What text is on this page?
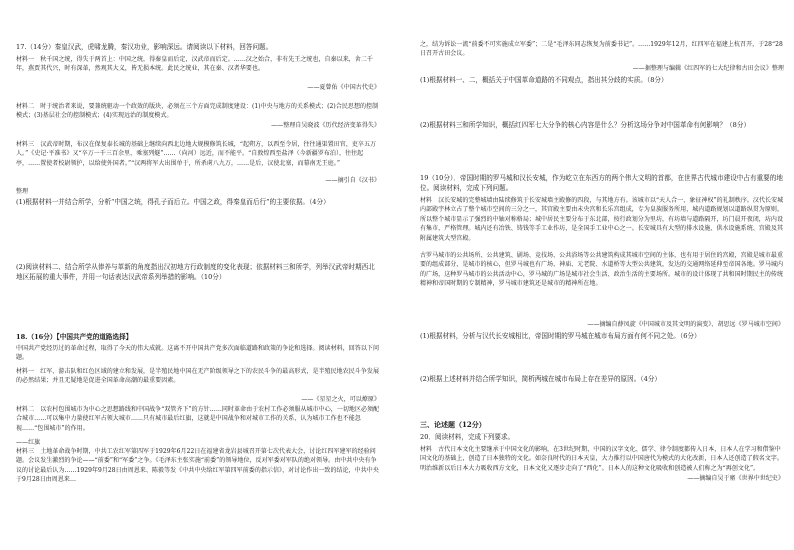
17.（14分）秦皇汉武，虎啸龙腾，秦汉功业，影响深远。请阅读以下材料，回答问题。

材料一　秋千国之统，得失于两首上：中国之统，得秦皇而后定，汉武帝而后定。……汉之始合，非有先王之统也，自秦以来，舍二千年，燕贾其代兴，时有深革，然观其大义，皆无损本统。此民之统业，其在秦、汉者华要也。

——夏曾佑《中国古代史》

材料二　时于统治者来说，要兼统驱动一个政效的版块，必须在三个方面完成制度建设：(1)中央与地方的关系模式；(2)合民思想的控制模式；(3)基层社会的控制模式；(4)实现远治的制度模式。

——整理自吴晓波《历代经济变革得失》

材料三　汉武帝时期，布汉在保复泰长城的基础上继续向西北边地大规模修筑长城，“起朔方，以西至令居，往往通渠置田官，吏卒五万人。”《史记·平准书》又“卒万一千三百余里，乘塞列燧”……（向河）远近，而不能平。“自敦煌西至盐泽（今新疆罗布泊），往往起亭，……置使者校尉领护，以给使外国者。”“汉两将军大出围单于，所杀虏八九万，……是后，汉使北塞，而幕南无王庭。”

——摘引自《汉书》

整理

(1)根据材料一并结合所学，分析“中国之统，得孔子而后立。中国之政，得秦皇而后行”的主要依据。（4分）

(2)阅读材料二、结合所学从俸养与革新的角度指出汉初地方行政制度的变化表现；依据材料三和所学，列举汉武帝时期西北地区拓展的重大事件，并用一句话表达汉武帝系列举措的影响。（10分）

18.（16分）【中国共产党的道路选择】

中国共产党经历过的革命过程，取得了今天的伟大成就。这离不开中国共产党多次面临道路和政策的争论和选择。阅读材料，回答以下问题。

材料一　红军、游击队和红色区域的建立和发展，是半殖民地中国在无产阶级领导之下的农民斗争的最高形式，是半殖民地农民斗争发展的必然结果；并且无疑地是促进全国革命高潮的最重要因素。

——《星星之火，可以燎原》

材料二　以农村包围城市为中心之思想路线和中国战争“双管齐下”的方针……同时革命由于农村工作必须服从城市中心，一切地区必须配合城市……可以集中力量使红军占领大城市……只有城市最后红旗，这就是中国战争和对城市工作的关系，认为城市工作也不能忽视……“包围城市”的作用。

——红旗

材料三　土地革命战争时期，中共工农红军第四军于1929年6月22日在福建省龙岩县城召开第七次代表大会，讨论红四军建军的经验问题。会议发生激烈的争论——“前委”和“军委”之争。《毛泽东主张实施“前委”的领导地位，反对军委对军队的绝对领导。由中共中央有争议的讨论最后认为……1929年9月28日由周恩来、陈毅等发《中共中央给红军第四军前委的指示信》，对讨论作出一致的结论，中共中央于9月28日由周恩来…

之，结为诉讼一流“前委不可实施成立军委”；二是“毛泽东同志恢复为前委书记”。……1929年12月，红四军在福建上杭召开，于28“28日召开古田会议。

——据整理与编辑《红四军的七大纪律和古田会议》整理

(1)根据材料一、二，概括关于中国革命道路的不同观点，指出其分歧的实质。（8分）

(2)根据材料三和所学知识，概括红四军七大分争的核心内容是什么？分析这场分争对中国革命有何影响？（8分）

19（10分）．帝国时期的罗马城和汉长安城，作为屹立在东西方的两个伟大文明的首都，在世界古代城市建设中占有重要的地位。阅读材料，完成下列问题。

材料　汉长安城的完整城墙由陆续修筑于长安城墙主殿修的四段，与其地方有。该城市以“天人合一、象征神权”的礼制秩序。汉代长安城内部殿宇林立占了整个城市空间的三分之一，其宫殿主要由未央宫和长乐宫组成，专为皇族服务所用，城内道路规划以道路纵贯为原则，所以整个城市显示了强烈的中轴对称格局；城中居民主要分布于东北部，按行政划分为里坊，有坊墙与道路隔开，坊门晨开夜闭，坊内设有集市，严格管理。城内还有冶铁、铸钱等手工业作坊，是全国手工业中心之一。长安城具有大型的排水设施、供水设施系统、宫殿及其附属建筑大型宫殿。

古罗马城市的公共场所、公共建筑、剧场、竞技场、公共浴场等公共建筑构成其城市空间的主体，也有用于居住的宫殿，宫殿是城市最重要的组成部分，是城市的核心，但罗马城也有广场、神庙、元老院、水道桥等大型公共建筑，发达的交通网络延伸至帝国各地。罗马城内的广场，这种罗马城市的公共活动中心，罗马城的广场是城市社会生活、政治生活的主要场所。城市的设计体现了共和国时期民主的传统精神和帝国时期的专制精神，罗马城市建筑还是城市的精神所在地。

——摘编自薛凤旋《中国城市及其文明的演变》、胡思远《罗马城市空间》

(1)根据材料，分析与汉代长安城相比，帝国时期的罗马城在城市布局方面有何不同之处。（6分）

(2)根据上述材料并结合所学知识，简析两城在城市布局上存在差异的原因。（4分）

三、论述题（12分）

20．阅读材料，完成下列要求。

材料　古代日本文化主要继承于中国文化的影响，在3世纪时期，中国的汉字文化、儒学、律令制度都传入日本，日本人在学习和借鉴中国文化的基础上，创造了日本独特的文化。如奈良时代的日本天皇，大力推行以中国唐代为模式的大化改新，日本人还创造了假名文字。明治维新以后日本大力吸收西方文化，日本文化又逐步走向了“西化”。日本人的这种文化吸收和创造被人们称之为“再创文化”。

——摘编自吴于廑《世界中世纪史》
